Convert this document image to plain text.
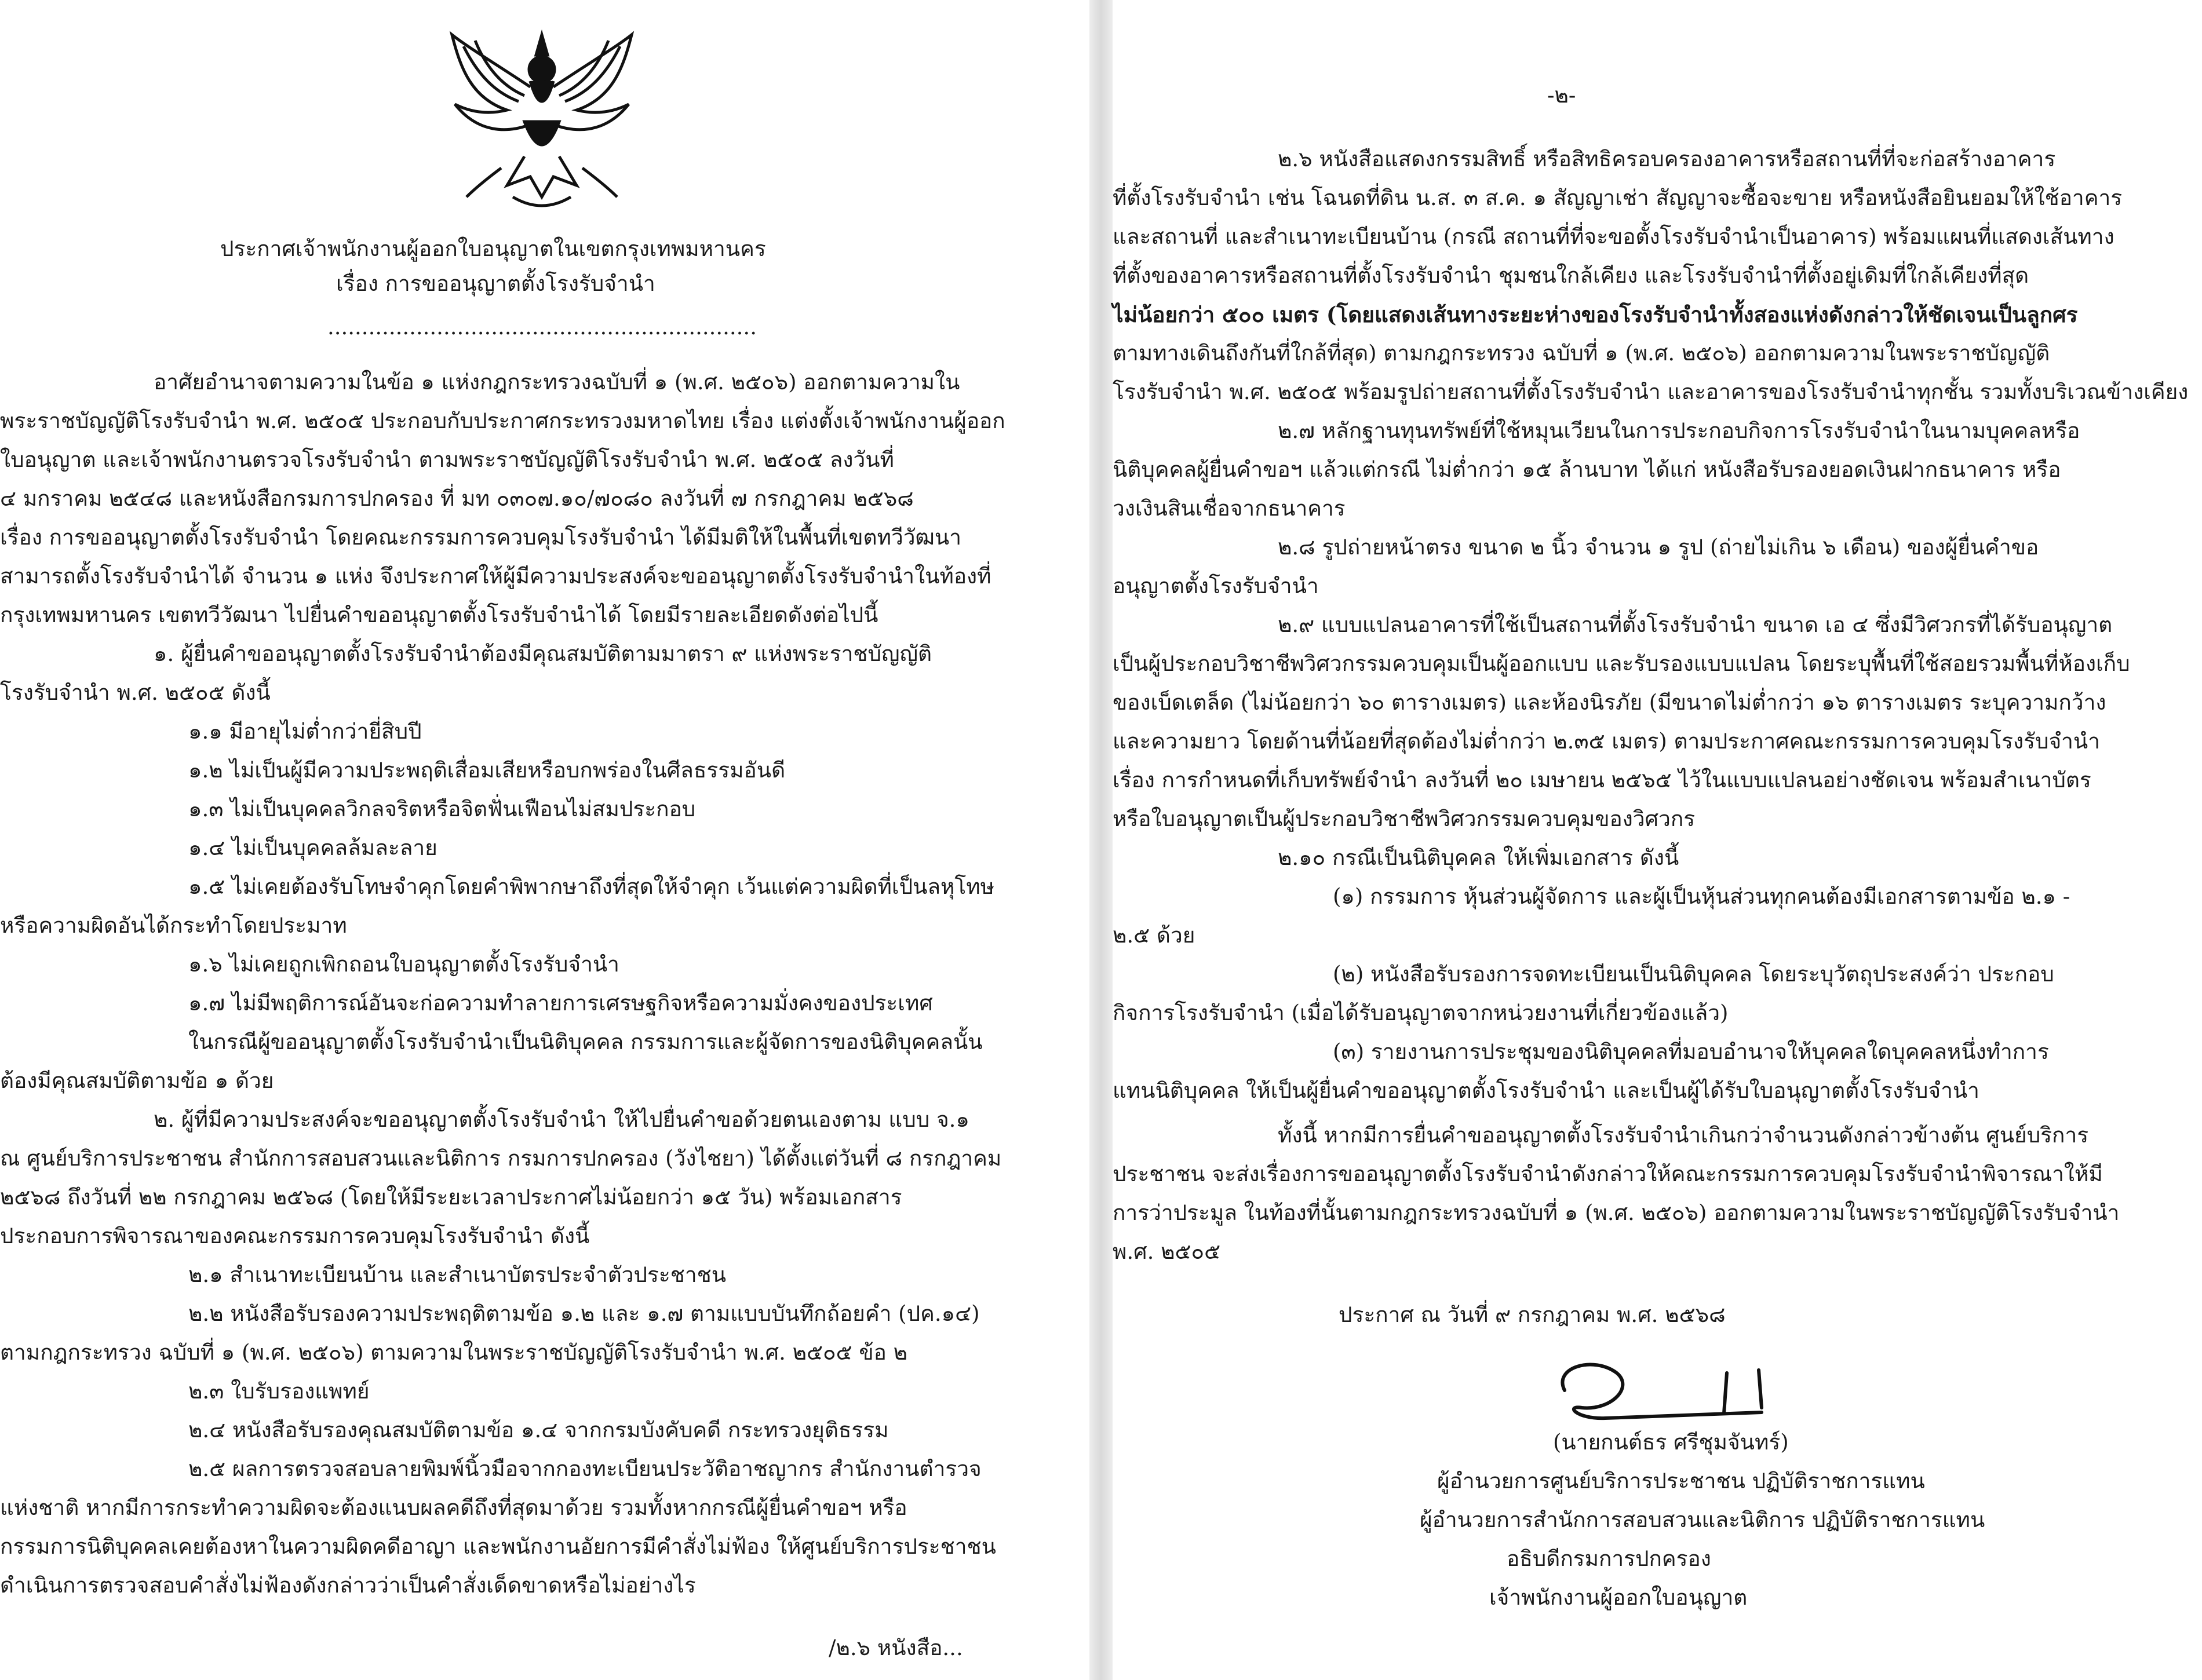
ประกาศเจ้าพนักงานผู้ออกใบอนุญาตในเขตกรุงเทพมหานคร
เรื่อง การขออนุญาตตั้งโรงรับจำนำ
...............................................................
อาศัยอำนาจตามความในข้อ ๑ แห่งกฎกระทรวงฉบับที่ ๑ (พ.ศ. ๒๕๐๖) ออกตามความใน
พระราชบัญญัติโรงรับจำนำ พ.ศ. ๒๕๐๕ ประกอบกับประกาศกระทรวงมหาดไทย เรื่อง แต่งตั้งเจ้าพนักงานผู้ออก
ใบอนุญาต และเจ้าพนักงานตรวจโรงรับจำนำ ตามพระราชบัญญัติโรงรับจำนำ พ.ศ. ๒๕๐๕ ลงวันที่
๔ มกราคม ๒๕๔๘ และหนังสือกรมการปกครอง ที่ มท ๐๓๐๗.๑๐/๗๐๘๐ ลงวันที่ ๗ กรกฎาคม ๒๕๖๘
เรื่อง การขออนุญาตตั้งโรงรับจำนำ โดยคณะกรรมการควบคุมโรงรับจำนำ ได้มีมติให้ในพื้นที่เขตทวีวัฒนา
สามารถตั้งโรงรับจำนำได้ จำนวน ๑ แห่ง จึงประกาศให้ผู้มีความประสงค์จะขออนุญาตตั้งโรงรับจำนำในท้องที่
กรุงเทพมหานคร เขตทวีวัฒนา ไปยื่นคำขออนุญาตตั้งโรงรับจำนำได้ โดยมีรายละเอียดดังต่อไปนี้
๑. ผู้ยื่นคำขออนุญาตตั้งโรงรับจำนำต้องมีคุณสมบัติตามมาตรา ๙ แห่งพระราชบัญญัติ
โรงรับจำนำ พ.ศ. ๒๕๐๕ ดังนี้
๑.๑ มีอายุไม่ต่ำกว่ายี่สิบปี
๑.๒ ไม่เป็นผู้มีความประพฤติเสื่อมเสียหรือบกพร่องในศีลธรรมอันดี
๑.๓ ไม่เป็นบุคคลวิกลจริตหรือจิตฟั่นเฟือนไม่สมประกอบ
๑.๔ ไม่เป็นบุคคลล้มละลาย
๑.๕ ไม่เคยต้องรับโทษจำคุกโดยคำพิพากษาถึงที่สุดให้จำคุก เว้นแต่ความผิดที่เป็นลหุโทษ
หรือความผิดอันได้กระทำโดยประมาท
๑.๖ ไม่เคยถูกเพิกถอนใบอนุญาตตั้งโรงรับจำนำ
๑.๗ ไม่มีพฤติการณ์อันจะก่อความทำลายการเศรษฐกิจหรือความมั่งคงของประเทศ
ในกรณีผู้ขออนุญาตตั้งโรงรับจำนำเป็นนิติบุคคล กรรมการและผู้จัดการของนิติบุคคลนั้น
ต้องมีคุณสมบัติตามข้อ ๑ ด้วย
๒. ผู้ที่มีความประสงค์จะขออนุญาตตั้งโรงรับจำนำ ให้ไปยื่นคำขอด้วยตนเองตาม แบบ จ.๑
ณ ศูนย์บริการประชาชน สำนักการสอบสวนและนิติการ กรมการปกครอง (วังไชยา) ได้ตั้งแต่วันที่ ๘ กรกฎาคม
๒๕๖๘ ถึงวันที่ ๒๒ กรกฎาคม ๒๕๖๘ (โดยให้มีระยะเวลาประกาศไม่น้อยกว่า ๑๕ วัน) พร้อมเอกสาร
ประกอบการพิจารณาของคณะกรรมการควบคุมโรงรับจำนำ ดังนี้
๒.๑ สำเนาทะเบียนบ้าน และสำเนาบัตรประจำตัวประชาชน
๒.๒ หนังสือรับรองความประพฤติตามข้อ ๑.๒ และ ๑.๗ ตามแบบบันทึกถ้อยคำ (ปค.๑๔)
ตามกฎกระทรวง ฉบับที่ ๑ (พ.ศ. ๒๕๐๖) ตามความในพระราชบัญญัติโรงรับจำนำ พ.ศ. ๒๕๐๕ ข้อ ๒
๒.๓ ใบรับรองแพทย์
๒.๔ หนังสือรับรองคุณสมบัติตามข้อ ๑.๔ จากกรมบังคับคดี กระทรวงยุติธรรม
๒.๕ ผลการตรวจสอบลายพิมพ์นิ้วมือจากกองทะเบียนประวัติอาชญากร สำนักงานตำรวจ
แห่งชาติ หากมีการกระทำความผิดจะต้องแนบผลคดีถึงที่สุดมาด้วย รวมทั้งหากกรณีผู้ยื่นคำขอฯ หรือ
กรรมการนิติบุคคลเคยต้องหาในความผิดคดีอาญา และพนักงานอัยการมีคำสั่งไม่ฟ้อง ให้ศูนย์บริการประชาชน
ดำเนินการตรวจสอบคำสั่งไม่ฟ้องดังกล่าวว่าเป็นคำสั่งเด็ดขาดหรือไม่อย่างไร
/๒.๖ หนังสือ...
-๒-
๒.๖ หนังสือแสดงกรรมสิทธิ์ หรือสิทธิครอบครองอาคารหรือสถานที่ที่จะก่อสร้างอาคาร
ที่ตั้งโรงรับจำนำ เช่น โฉนดที่ดิน น.ส. ๓ ส.ค. ๑ สัญญาเช่า สัญญาจะซื้อจะขาย หรือหนังสือยินยอมให้ใช้อาคาร
และสถานที่ และสำเนาทะเบียนบ้าน (กรณี สถานที่ที่จะขอตั้งโรงรับจำนำเป็นอาคาร) พร้อมแผนที่แสดงเส้นทาง
ที่ตั้งของอาคารหรือสถานที่ตั้งโรงรับจำนำ ชุมชนใกล้เคียง และโรงรับจำนำที่ตั้งอยู่เดิมที่ใกล้เคียงที่สุด
ไม่น้อยกว่า ๕๐๐ เมตร (โดยแสดงเส้นทางระยะห่างของโรงรับจำนำทั้งสองแห่งดังกล่าวให้ชัดเจนเป็นลูกศร
ตามทางเดินถึงกันที่ใกล้ที่สุด) ตามกฎกระทรวง ฉบับที่ ๑ (พ.ศ. ๒๕๐๖) ออกตามความในพระราชบัญญัติ
โรงรับจำนำ พ.ศ. ๒๕๐๕ พร้อมรูปถ่ายสถานที่ตั้งโรงรับจำนำ และอาคารของโรงรับจำนำทุกชั้น รวมทั้งบริเวณข้างเคียง
๒.๗ หลักฐานทุนทรัพย์ที่ใช้หมุนเวียนในการประกอบกิจการโรงรับจำนำในนามบุคคลหรือ
นิติบุคคลผู้ยื่นคำขอฯ แล้วแต่กรณี ไม่ต่ำกว่า ๑๕ ล้านบาท ได้แก่ หนังสือรับรองยอดเงินฝากธนาคาร หรือ
วงเงินสินเชื่อจากธนาคาร
๒.๘ รูปถ่ายหน้าตรง ขนาด ๒ นิ้ว จำนวน ๑ รูป (ถ่ายไม่เกิน ๖ เดือน) ของผู้ยื่นคำขอ
อนุญาตตั้งโรงรับจำนำ
๒.๙ แบบแปลนอาคารที่ใช้เป็นสถานที่ตั้งโรงรับจำนำ ขนาด เอ ๔ ซึ่งมีวิศวกรที่ได้รับอนุญาต
เป็นผู้ประกอบวิชาชีพวิศวกรรมควบคุมเป็นผู้ออกแบบ และรับรองแบบแปลน โดยระบุพื้นที่ใช้สอยรวมพื้นที่ห้องเก็บ
ของเบ็ดเตล็ด (ไม่น้อยกว่า ๖๐ ตารางเมตร) และห้องนิรภัย (มีขนาดไม่ต่ำกว่า ๑๖ ตารางเมตร ระบุความกว้าง
และความยาว โดยด้านที่น้อยที่สุดต้องไม่ต่ำกว่า ๒.๓๕ เมตร) ตามประกาศคณะกรรมการควบคุมโรงรับจำนำ
เรื่อง การกำหนดที่เก็บทรัพย์จำนำ ลงวันที่ ๒๐ เมษายน ๒๕๖๕ ไว้ในแบบแปลนอย่างชัดเจน พร้อมสำเนาบัตร
หรือใบอนุญาตเป็นผู้ประกอบวิชาชีพวิศวกรรมควบคุมของวิศวกร
๒.๑๐ กรณีเป็นนิติบุคคล ให้เพิ่มเอกสาร ดังนี้
(๑) กรรมการ หุ้นส่วนผู้จัดการ และผู้เป็นหุ้นส่วนทุกคนต้องมีเอกสารตามข้อ ๒.๑ -
๒.๕ ด้วย
(๒) หนังสือรับรองการจดทะเบียนเป็นนิติบุคคล โดยระบุวัตถุประสงค์ว่า ประกอบ
กิจการโรงรับจำนำ (เมื่อได้รับอนุญาตจากหน่วยงานที่เกี่ยวข้องแล้ว)
(๓) รายงานการประชุมของนิติบุคคลที่มอบอำนาจให้บุคคลใดบุคคลหนึ่งทำการ
แทนนิติบุคคล ให้เป็นผู้ยื่นคำขออนุญาตตั้งโรงรับจำนำ และเป็นผู้ได้รับใบอนุญาตตั้งโรงรับจำนำ
ทั้งนี้ หากมีการยื่นคำขออนุญาตตั้งโรงรับจำนำเกินกว่าจำนวนดังกล่าวข้างต้น ศูนย์บริการ
ประชาชน จะส่งเรื่องการขออนุญาตตั้งโรงรับจำนำดังกล่าวให้คณะกรรมการควบคุมโรงรับจำนำพิจารณาให้มี
การว่าประมูล ในท้องที่นั้นตามกฎกระทรวงฉบับที่ ๑ (พ.ศ. ๒๕๐๖) ออกตามความในพระราชบัญญัติโรงรับจำนำ
พ.ศ. ๒๕๐๕
ประกาศ ณ วันที่ ๙ กรกฎาคม พ.ศ. ๒๕๖๘
(นายกนต์ธร ศรีชุมจันทร์)
ผู้อำนวยการศูนย์บริการประชาชน ปฏิบัติราชการแทน
ผู้อำนวยการสำนักการสอบสวนและนิติการ ปฏิบัติราชการแทน
อธิบดีกรมการปกครอง
เจ้าพนักงานผู้ออกใบอนุญาต
